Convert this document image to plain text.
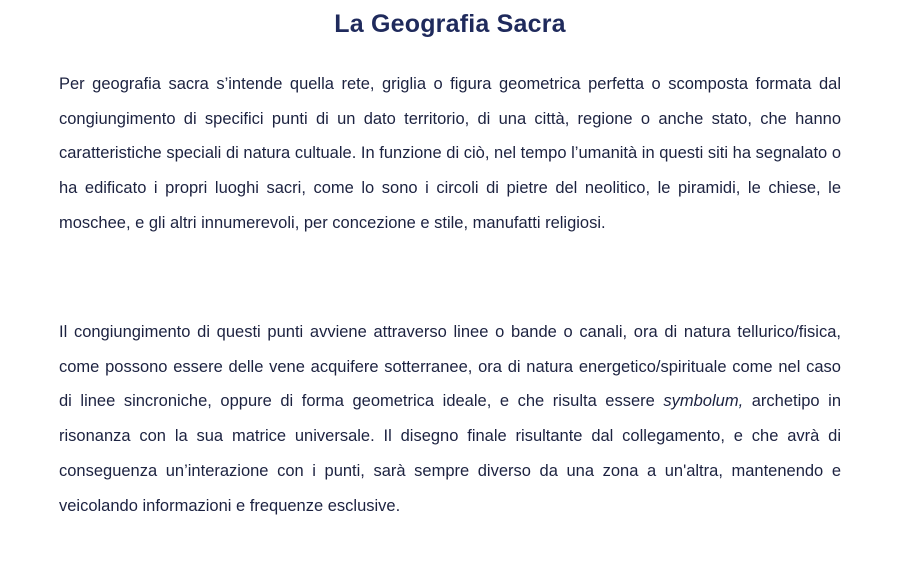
La Geografia Sacra

Per geografia sacra s’intende quella rete, griglia o figura geometrica perfetta o scomposta formata dal congiungimento di specifici punti di un dato territorio, di una città, regione o anche stato, che hanno caratteristiche speciali di natura cultuale. In funzione di ciò, nel tempo l’umanità in questi siti ha segnalato o ha edificato i propri luoghi sacri, come lo sono i circoli di pietre del neolitico, le piramidi, le chiese, le moschee, e gli altri innumerevoli, per concezione e stile, manufatti religiosi.

Il congiungimento di questi punti avviene attraverso linee o bande o canali, ora di natura tellurico/fisica, come possono essere delle vene acquifere sotterranee, ora di natura energetico/spirituale come nel caso di linee sincroniche, oppure di forma geometrica ideale, e che risulta essere symbolum, archetipo in risonanza con la sua matrice universale. Il disegno finale risultante dal collegamento, e che avrà di conseguenza un’interazione con i punti, sarà sempre diverso da una zona a un'altra, mantenendo e veicolando informazioni e frequenze esclusive.
